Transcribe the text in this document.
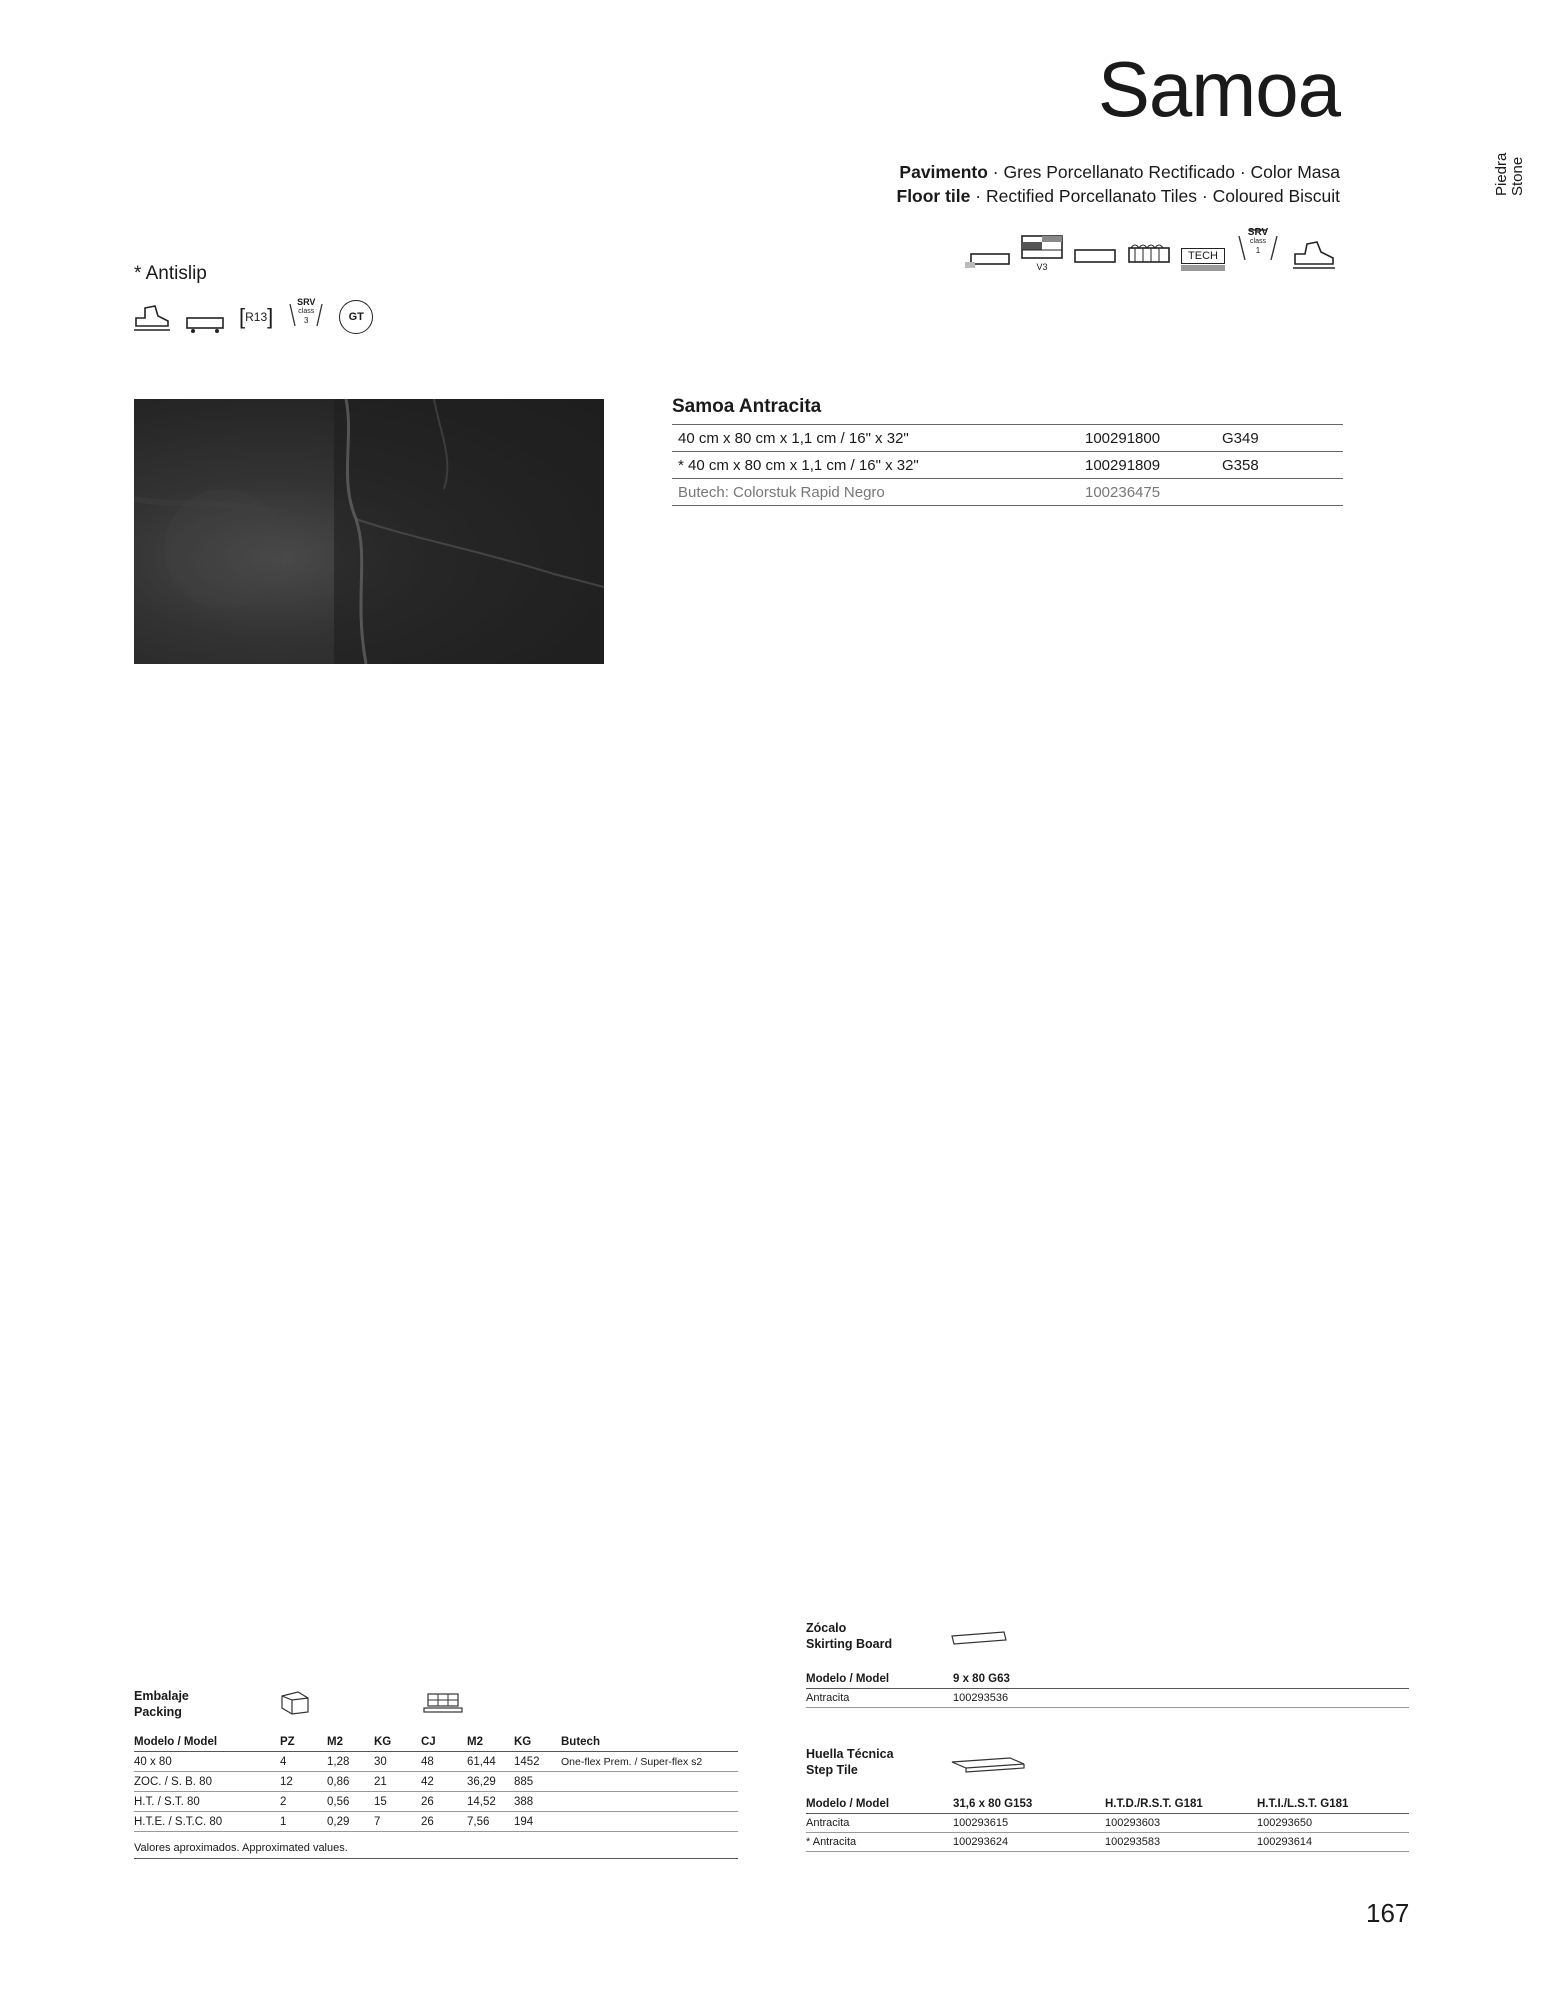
Samoa
Pavimento · Gres Porcellanato Rectificado · Color Masa
Floor tile · Rectified Porcellanato Tiles · Coloured Biscuit	Piedra Stone
V3
TECH
SRV
class
1
* Antislip
[ R13 ]
SRV
class
3	GT
Samoa Antracita
40 cm x 80 cm x 1,1 cm / 16" x 32"	100291800	G349
* 40 cm x 80 cm x 1,1 cm / 16" x 32"	100291809	G358
Butech: Colorstuk Rapid Negro	100236475	
Embalaje
Packing
Modelo / Model	PZ	M2	KG	CJ	M2	KG	Butech
40 x 80	4	1,28	30	48	61,44	1452	One-flex Prem. / Super-flex s2
ZOC. / S. B. 80	12	0,86	21	42	36,29	885	
H.T. / S.T. 80	2	0,56	15	26	14,52	388	
H.T.E. / S.T.C. 80	1	0,29	7	26	7,56	194	
Valores aproximados. Approximated values.
Zócalo
Skirting Board
Modelo / Model	9 x 80 G63
Antracita	100293536
Huella Técnica
Step Tile
Modelo / Model	31,6 x 80 G153	H.T.D./R.S.T. G181	H.T.I./L.S.T. G181
Antracita	100293615	100293603	100293650
* Antracita	100293624	100293583	100293614
167
